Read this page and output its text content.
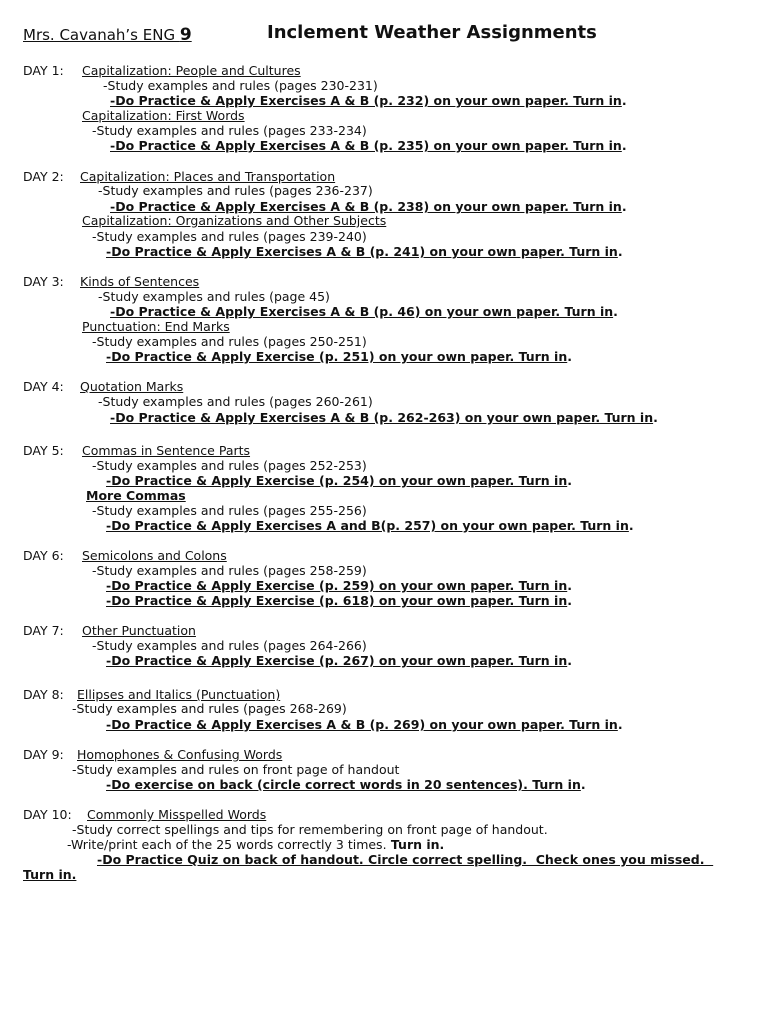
Mrs. Cavanah’s ENG 9	Inclement Weather Assignments
DAY 1: Capitalization: People and Cultures
-Study examples and rules (pages 230-231)
-Do Practice & Apply Exercises A & B (p. 232) on your own paper. Turn in.
Capitalization: First Words
-Study examples and rules (pages 233-234)
-Do Practice & Apply Exercises A & B (p. 235) on your own paper. Turn in.
DAY 2: Capitalization: Places and Transportation
-Study examples and rules (pages 236-237)
-Do Practice & Apply Exercises A & B (p. 238) on your own paper. Turn in.
Capitalization: Organizations and Other Subjects
-Study examples and rules (pages 239-240)
-Do Practice & Apply Exercises A & B (p. 241) on your own paper. Turn in.
DAY 3: Kinds of Sentences
-Study examples and rules (page 45)
-Do Practice & Apply Exercises A & B (p. 46) on your own paper. Turn in.
Punctuation: End Marks
-Study examples and rules (pages 250-251)
-Do Practice & Apply Exercise (p. 251) on your own paper. Turn in.
DAY 4: Quotation Marks
-Study examples and rules (pages 260-261)
-Do Practice & Apply Exercises A & B (p. 262-263) on your own paper. Turn in.
DAY 5: Commas in Sentence Parts
-Study examples and rules (pages 252-253)
-Do Practice & Apply Exercise (p. 254) on your own paper. Turn in.
More Commas
-Study examples and rules (pages 255-256)
-Do Practice & Apply Exercises A and B(p. 257) on your own paper. Turn in.
DAY 6: Semicolons and Colons
-Study examples and rules (pages 258-259)
-Do Practice & Apply Exercise (p. 259) on your own paper. Turn in.
-Do Practice & Apply Exercise (p. 618) on your own paper. Turn in.
DAY 7: Other Punctuation
-Study examples and rules (pages 264-266)
-Do Practice & Apply Exercise (p. 267) on your own paper. Turn in.
DAY 8: Ellipses and Italics (Punctuation)
-Study examples and rules (pages 268-269)
-Do Practice & Apply Exercises A & B (p. 269) on your own paper. Turn in.
DAY 9: Homophones & Confusing Words
-Study examples and rules on front page of handout
-Do exercise on back (circle correct words in 20 sentences). Turn in.
DAY 10: Commonly Misspelled Words
-Study correct spellings and tips for remembering on front page of handout.
-Write/print each of the 25 words correctly 3 times. Turn in.
-Do Practice Quiz on back of handout. Circle correct spelling.  Check ones you missed.
Turn in.
